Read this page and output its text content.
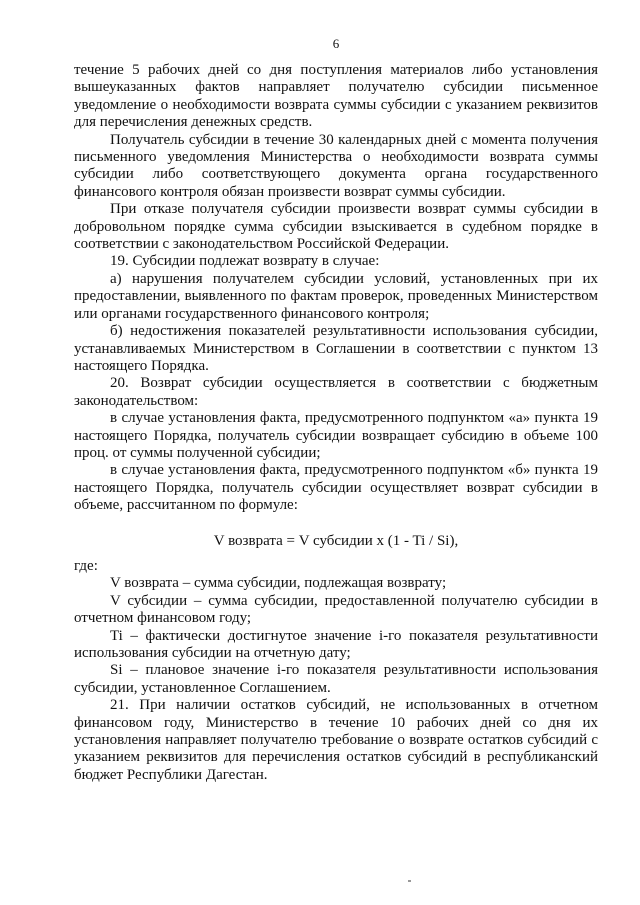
6

течение 5 рабочих дней со дня поступления материалов либо установления вышеуказанных фактов направляет получателю субсидии письменное уведомление о необходимости возврата суммы субсидии с указанием реквизитов для перечисления денежных средств.

Получатель субсидии в течение 30 календарных дней с момента получения письменного уведомления Министерства о необходимости возврата суммы субсидии либо соответствующего документа органа государственного финансового контроля обязан произвести возврат суммы субсидии.

При отказе получателя субсидии произвести возврат суммы субсидии в добровольном порядке сумма субсидии взыскивается в судебном порядке в соответствии с законодательством Российской Федерации.

19. Субсидии подлежат возврату в случае:

а) нарушения получателем субсидии условий, установленных при их предоставлении, выявленного по фактам проверок, проведенных Министерством или органами государственного финансового контроля;

б) недостижения показателей результативности использования субсидии, устанавливаемых Министерством в Соглашении в соответствии с пунктом 13 настоящего Порядка.

20. Возврат субсидии осуществляется в соответствии с бюджетным законодательством:

в случае установления факта, предусмотренного подпунктом «а» пункта 19 настоящего Порядка, получатель субсидии возвращает субсидию в объеме 100 проц. от суммы полученной субсидии;

в случае установления факта, предусмотренного подпунктом «б» пункта 19 настоящего Порядка, получатель субсидии осуществляет возврат субсидии в объеме, рассчитанном по формуле:

V возврата = V субсидии x (1 - Ti / Si),

где:

V возврата – сумма субсидии, подлежащая возврату;

V субсидии – сумма субсидии, предоставленной получателю субсидии в отчетном финансовом году;

Ti – фактически достигнутое значение i-го показателя результативности использования субсидии на отчетную дату;

Si – плановое значение i-го показателя результативности использования субсидии, установленное Соглашением.

21. При наличии остатков субсидий, не использованных в отчетном финансовом году, Министерство в течение 10 рабочих дней со дня их установления направляет получателю требование о возврате остатков субсидий с указанием реквизитов для перечисления остатков субсидий в республиканский бюджет Республики Дагестан.
